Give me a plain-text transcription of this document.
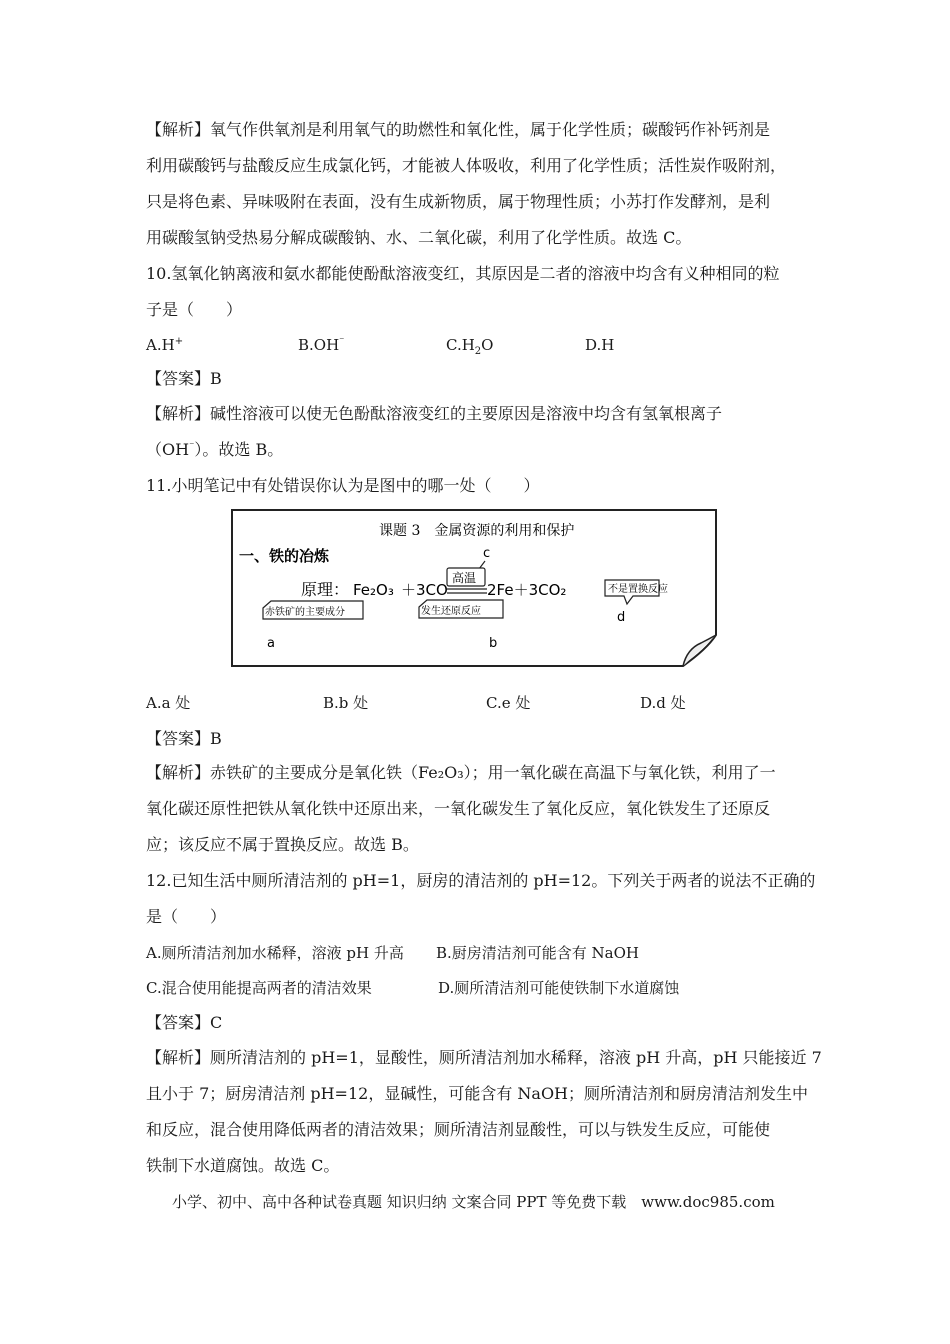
【解析】氧气作供氧剂是利用氧气的助燃性和氧化性，属于化学性质；碳酸钙作补钙剂是
利用碳酸钙与盐酸反应生成氯化钙，才能被人体吸收，利用了化学性质；活性炭作吸附剂，
只是将色素、异味吸附在表面，没有生成新物质，属于物理性质；小苏打作发酵剂，是利
用碳酸氢钠受热易分解成碳酸钠、水、二氧化碳，利用了化学性质。故选 C。
10.氢氧化钠离液和氨水都能使酚酞溶液变红，其原因是二者的溶液中均含有义种相同的粒
子是（　　）
A.H+	B.OH⁻	$C.H_2O$	D.H
【答案】B
【解析】碱性溶液可以使无色酚酞溶液变红的主要原因是溶液中均含有氢氧根离子
（OH⁻）。故选 B。
11.小明笔记中有处错误你认为是图中的哪一处（　　）
课题 3　金属资源的利用和保护
一、铁的冶炼	c
高温
原理： Fe₂O₃ ＋3CO	2Fe＋3CO₂	不是置换反应
d
赤铁矿的主要成分
a
发生还原反应
b
A.a 处	B.b 处	C.e 处	D.d 处
【答案】B
【解析】赤铁矿的主要成分是氧化铁（Fe₂O₃）；用一氧化碳在高温下与氧化铁，利用了一
氧化碳还原性把铁从氧化铁中还原出来，一氧化碳发生了氧化反应，氧化铁发生了还原反
应；该反应不属于置换反应。故选 B。
12.已知生活中厕所清洁剂的 pH=1，厨房的清洁剂的 pH=12。下列关于两者的说法不正确的
是（　　）
A.厕所清洁剂加水稀释，溶液 pH 升高 B.厨房清洁剂可能含有 NaOH
C.混合使用能提高两者的清洁效果	D.厕所清洁剂可能使铁制下水道腐蚀
【答案】C
【解析】厕所清洁剂的 pH=1，显酸性，厕所清洁剂加水稀释，溶液 pH 升高，pH 只能接近 7
且小于 7；厨房清洁剂 pH=12，显碱性，可能含有 NaOH；厕所清洁剂和厨房清洁剂发生中
和反应，混合使用降低两者的清洁效果；厕所清洁剂显酸性，可以与铁发生反应，可能使
铁制下水道腐蚀。故选 C。
小学、初中、高中各种试卷真题 知识归纳 文案合同 PPT 等免费下载　www.doc985.com
